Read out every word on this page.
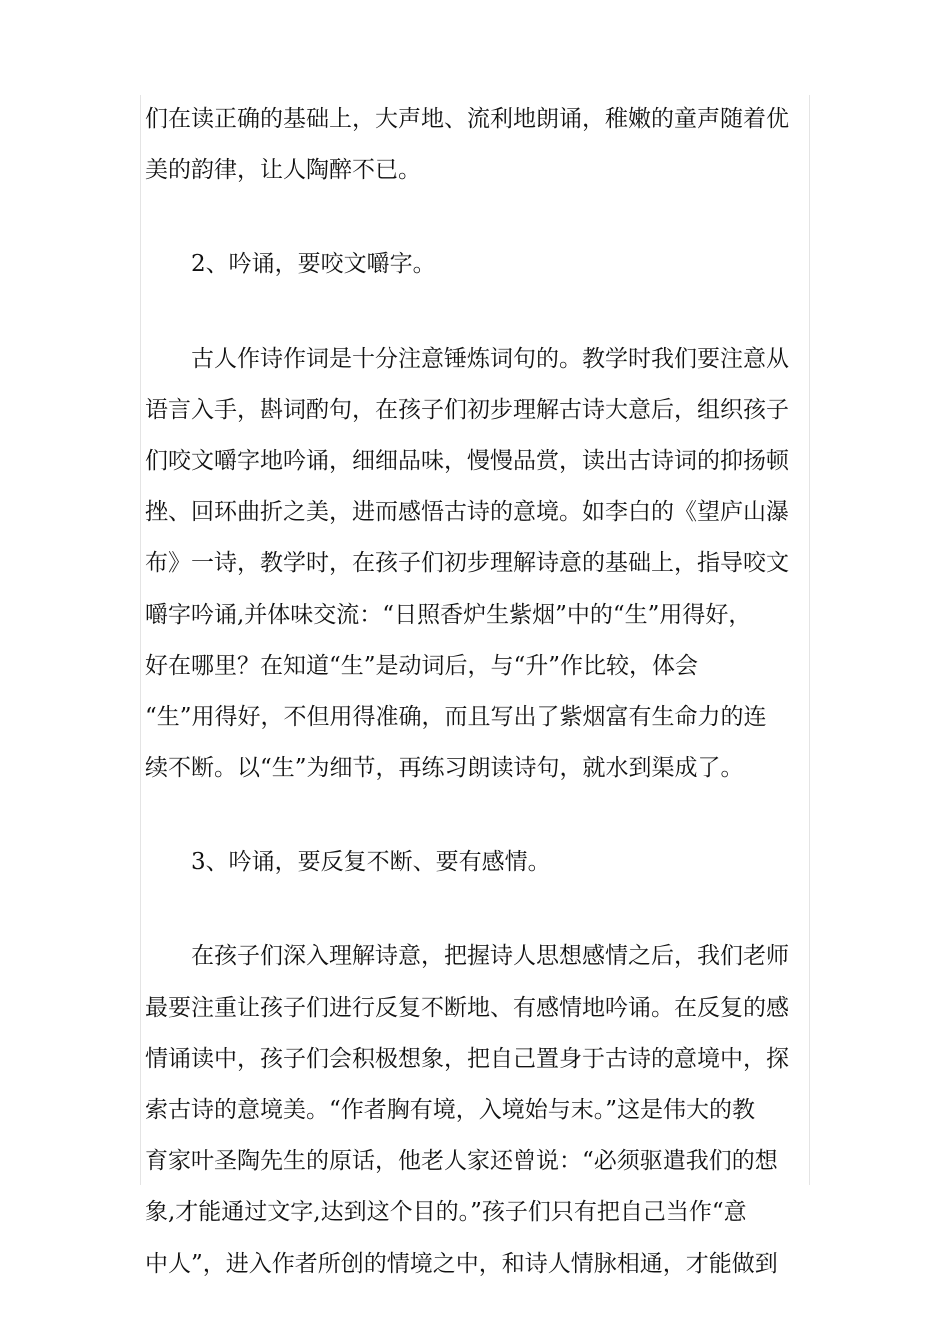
们在读正确的基础上，大声地、流利地朗诵，稚嫩的童声随着优
美的韵律，让人陶醉不已。
2、吟诵，要咬文嚼字。
古人作诗作词是十分注意锤炼词句的。教学时我们要注意从
语言入手，斟词酌句，在孩子们初步理解古诗大意后，组织孩子
们咬文嚼字地吟诵，细细品味，慢慢品赏，读出古诗词的抑扬顿
挫、回环曲折之美，进而感悟古诗的意境。如李白的《望庐山瀑
布》一诗，教学时，在孩子们初步理解诗意的基础上，指导咬文
嚼字吟诵,并体味交流：“日照香炉生紫烟”中的“生”用得好，
好在哪里？在知道“生”是动词后，与“升”作比较，体会
“生”用得好，不但用得准确，而且写出了紫烟富有生命力的连
续不断。以“生”为细节，再练习朗读诗句，就水到渠成了。
3、吟诵，要反复不断、要有感情。
在孩子们深入理解诗意，把握诗人思想感情之后，我们老师
最要注重让孩子们进行反复不断地、有感情地吟诵。在反复的感
情诵读中，孩子们会积极想象，把自己置身于古诗的意境中，探
索古诗的意境美。“作者胸有境，入境始与末。”这是伟大的教
育家叶圣陶先生的原话，他老人家还曾说：“必须驱遣我们的想
象,才能通过文字,达到这个目的。”孩子们只有把自己当作“意
中人”，进入作者所创的情境之中，和诗人情脉相通，才能做到
